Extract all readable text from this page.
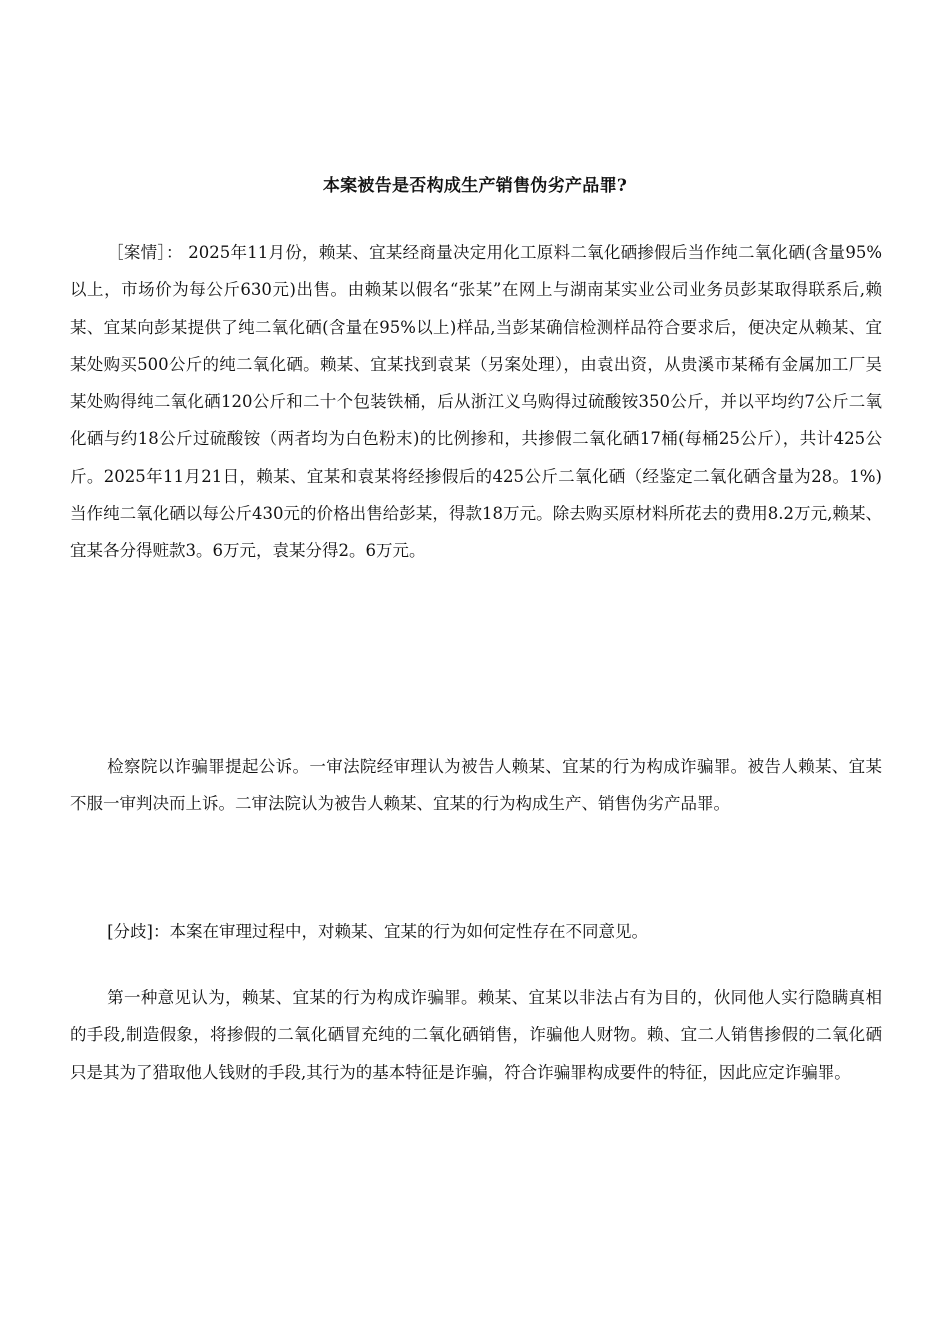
本案被告是否构成生产销售伪劣产品罪?

［案情］： 2025年11月份，赖某、宜某经商量决定用化工原料二氧化硒掺假后当作纯二氧化硒(含量95%以上，市场价为每公斤630元)出售。由赖某以假名“张某”在网上与湖南某实业公司业务员彭某取得联系后,赖某、宜某向彭某提供了纯二氧化硒(含量在95%以上)样品,当彭某确信检测样品符合要求后，便决定从赖某、宜某处购买500公斤的纯二氧化硒。赖某、宜某找到袁某（另案处理），由袁出资，从贵溪市某稀有金属加工厂吴某处购得纯二氧化硒120公斤和二十个包装铁桶，后从浙江义乌购得过硫酸铵350公斤，并以平均约7公斤二氧化硒与约18公斤过硫酸铵（两者均为白色粉末)的比例掺和，共掺假二氧化硒17桶(每桶25公斤），共计425公斤。2025年11月21日，赖某、宜某和袁某将经掺假后的425公斤二氧化硒（经鉴定二氧化硒含量为28。1%)当作纯二氧化硒以每公斤430元的价格出售给彭某，得款18万元。除去购买原材料所花去的费用8.2万元,赖某、宜某各分得赃款3。6万元，袁某分得2。6万元。

检察院以诈骗罪提起公诉。一审法院经审理认为被告人赖某、宜某的行为构成诈骗罪。被告人赖某、宜某不服一审判决而上诉。二审法院认为被告人赖某、宜某的行为构成生产、销售伪劣产品罪。

[分歧]：本案在审理过程中，对赖某、宜某的行为如何定性存在不同意见。

第一种意见认为，赖某、宜某的行为构成诈骗罪。赖某、宜某以非法占有为目的，伙同他人实行隐瞒真相的手段,制造假象，将掺假的二氧化硒冒充纯的二氧化硒销售，诈骗他人财物。赖、宜二人销售掺假的二氧化硒只是其为了猎取他人钱财的手段,其行为的基本特征是诈骗，符合诈骗罪构成要件的特征，因此应定诈骗罪。
